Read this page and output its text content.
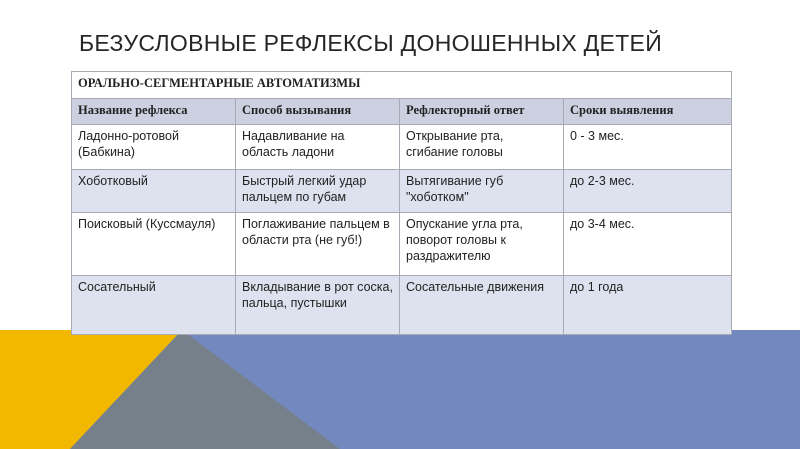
БЕЗУСЛОВНЫЕ РЕФЛЕКСЫ ДОНОШЕННЫХ ДЕТЕЙ
ОРАЛЬНО-СЕГМЕНТАРНЫЕ АВТОМАТИЗМЫ			
Название рефлекса	Способ вызывания	Рефлекторный ответ	Сроки выявления
Ладонно-ротовой (Бабкина)	Надавливание на область ладони	Открывание рта, сгибание головы	0 - 3 мес.
Хоботковый	Быстрый легкий удар пальцем по губам	Вытягивание губ "хоботком"	до 2-3 мес.
Поисковый (Куссмауля)	Поглаживание пальцем в области рта (не губ!)	Опускание угла рта, поворот головы к раздражителю	до 3-4 мес.
Сосательный	Вкладывание в рот соска, пальца, пустышки	Сосательные движения	до 1 года
